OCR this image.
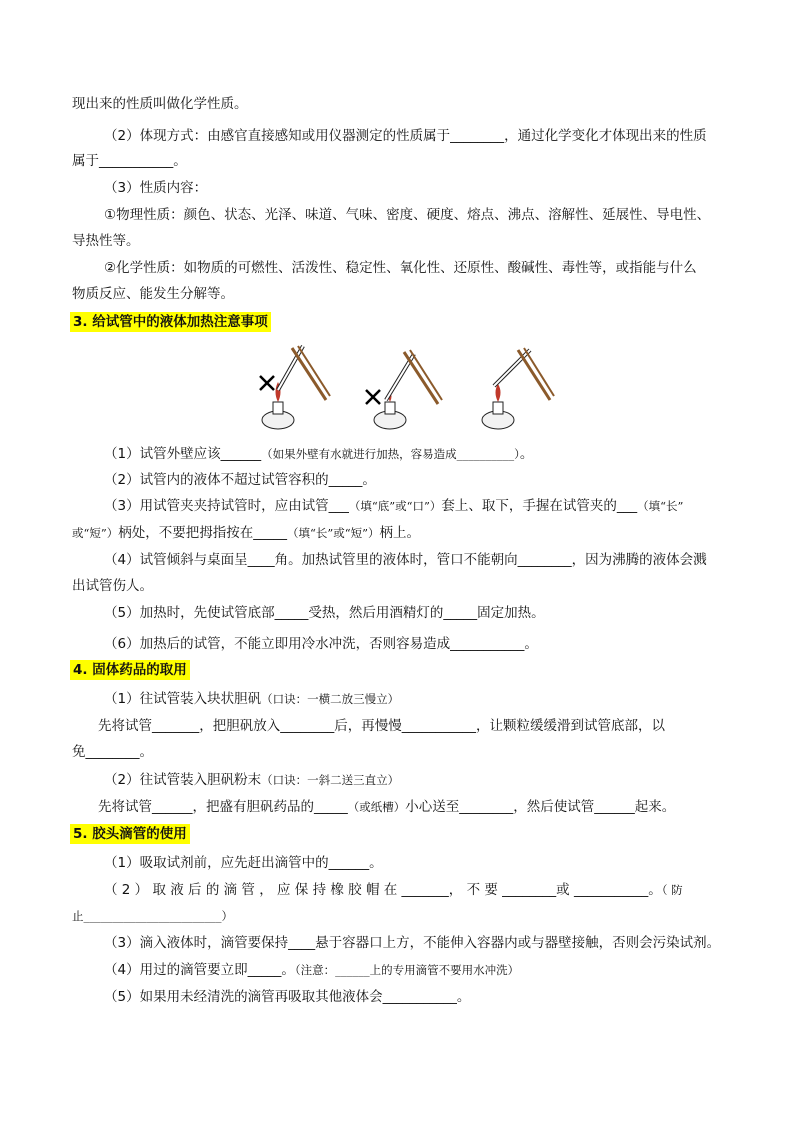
现出来的性质叫做化学性质。
（2）体现方式：由感官直接感知或用仪器测定的性质属于________，通过化学变化才体现出来的性质
属于___________。
（3）性质内容：
①物理性质：颜色、状态、光泽、味道、气味、密度、硬度、熔点、沸点、溶解性、延展性、导电性、
导热性等。
②化学性质：如物质的可燃性、活泼性、稳定性、氧化性、还原性、酸碱性、毒性等，或指能与什么
物质反应、能发生分解等。
3. 给试管中的液体加热注意事项
（1）试管外壁应该______（如果外壁有水就进行加热，容易造成__________）。
（2）试管内的液体不超过试管容积的_____。
（3）用试管夹夹持试管时，应由试管___（填“底”或“口”）套上、取下，手握在试管夹的___（填“长”
或“短”）柄处，不要把拇指按在_____（填“长”或“短”）柄上。
（4）试管倾斜与桌面呈____角。加热试管里的液体时，管口不能朝向________，因为沸腾的液体会溅
出试管伤人。
（5）加热时，先使试管底部_____受热，然后用酒精灯的_____固定加热。
（6）加热后的试管，不能立即用冷水冲洗，否则容易造成___________。
4. 固体药品的取用
（1）往试管装入块状胆矾（口诀：一横二放三慢立）
先将试管_______，把胆矾放入________后，再慢慢___________，让颗粒缓缓滑到试管底部，以
免________。
（2）往试管装入胆矾粉末（口诀：一斜二送三直立）
先将试管______，把盛有胆矾药品的_____（或纸槽）小心送至________，然后使试管______起来。
5. 胶头滴管的使用
（1）吸取试剂前，应先赶出滴管中的______。
（ 2 ） 取 液 后 的 滴 管 ， 应 保 持 橡 胶 帽 在 _______， 不 要 ________或 ___________。（ 防
止________________________）
（3）滴入液体时，滴管要保持____悬于容器口上方，不能伸入容器内或与器壁接触，否则会污染试剂。
（4）用过的滴管要立即_____。（注意：______上的专用滴管不要用水冲洗）
（5）如果用未经清洗的滴管再吸取其他液体会___________。
